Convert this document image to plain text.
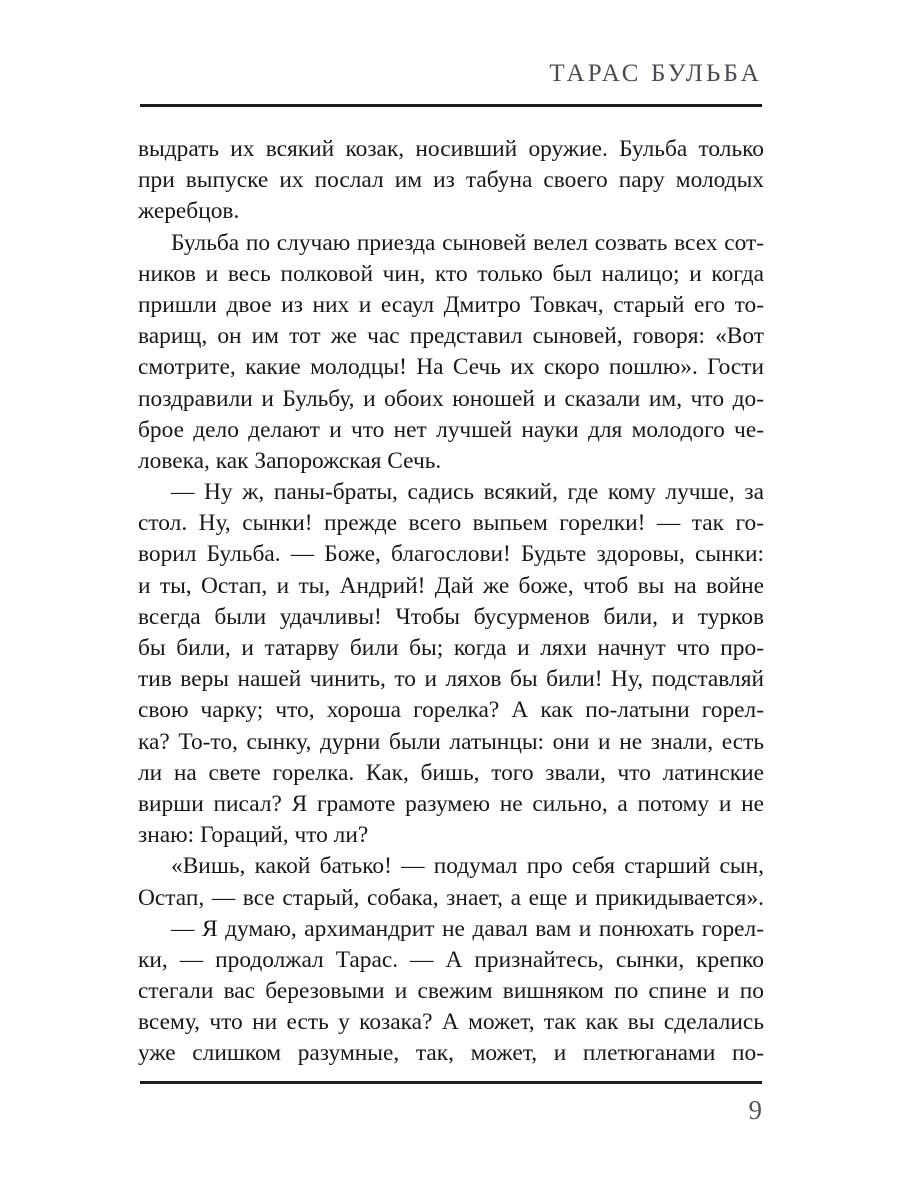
ТАРАС БУЛЬБА
выдрать их всякий козак, носивший оружие. Бульба только
при выпуске их послал им из табуна своего пару молодых
жеребцов.
Бульба по случаю приезда сыновей велел созвать всех сот-
ников и весь полковой чин, кто только был налицо; и когда
пришли двое из них и есаул Дмитро Товкач, старый его то-
варищ, он им тот же час представил сыновей, говоря: «Вот
смотрите, какие молодцы! На Сечь их скоро пошлю». Гости
поздравили и Бульбу, и обоих юношей и сказали им, что до-
брое дело делают и что нет лучшей науки для молодого че-
ловека, как Запорожская Сечь.
— Ну ж, паны-браты, садись всякий, где кому лучше, за
стол. Ну, сынки! прежде всего выпьем горелки! — так го-
ворил Бульба. — Боже, благослови! Будьте здоровы, сынки:
и ты, Остап, и ты, Андрий! Дай же боже, чтоб вы на войне
всегда были удачливы! Чтобы бусурменов били, и турков
бы били, и татарву били бы; когда и ляхи начнут что про-
тив веры нашей чинить, то и ляхов бы били! Ну, подставляй
свою чарку; что, хороша горелка? А как по-латыни горел-
ка? То-то, сынку, дурни были латынцы: они и не знали, есть
ли на свете горелка. Как, бишь, того звали, что латинские
вирши писал? Я грамоте разумею не сильно, а потому и не
знаю: Гораций, что ли?
«Вишь, какой батько! — подумал про себя старший сын,
Остап, — все старый, собака, знает, а еще и прикидывается».
— Я думаю, архимандрит не давал вам и понюхать горел-
ки, — продолжал Тарас. — А признайтесь, сынки, крепко
стегали вас березовыми и свежим вишняком по спине и по
всему, что ни есть у козака? А может, так как вы сделались
уже слишком разумные, так, может, и плетюганами по-
9
